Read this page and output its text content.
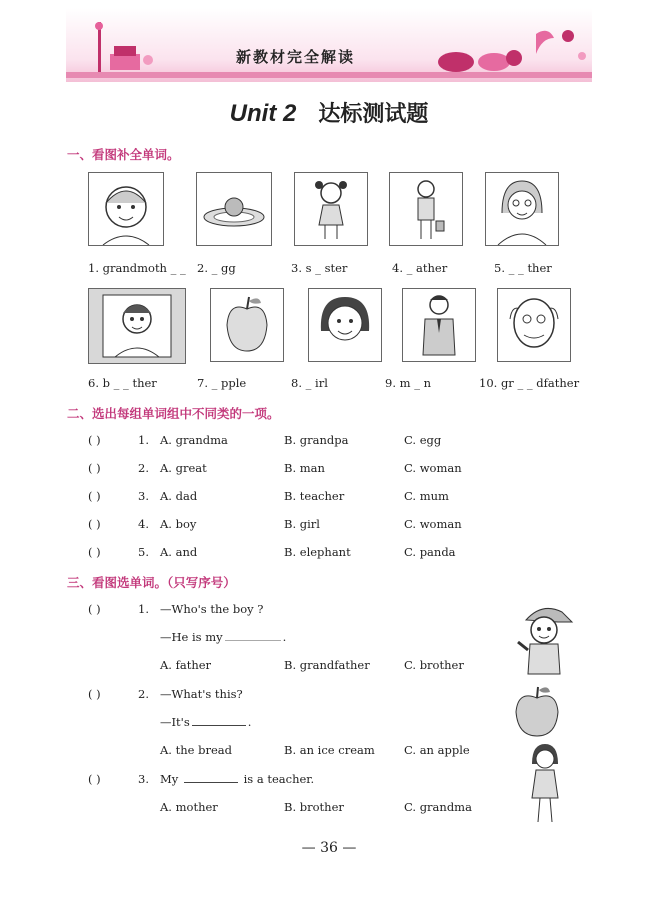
新教材完全解读
Unit 2 达标测试题
一、看图补全单词。
1. grandmoth _ _ 2. _ gg	3. s _ ster	4. _ ather	5. _ _ ther
6. b _ _ ther	7. _ pple	8. _ irl	9. m _ n	10. gr _ _ dfather
二、选出每组单词组中不同类的一项。
( )	1. A. grandma	B. grandpa	C. egg
( )	2. A. great	B. man	C. woman
( )	3. A. dad	B. teacher	C. mum
( )	4. A. boy	B. girl	C. woman
( )	5. A. and	B. elephant	C. panda
三、看图选单词。（只写序号）
( )	1. —Who's the boy ?
—He is my	.
A. father	B. grandfather	C. brother
( )	2. —What's this?
—It's	.
A. the bread	B. an ice cream	C. an apple
( )	3. My	is a teacher.
A. mother	B. brother	C. grandma
— 36 —
